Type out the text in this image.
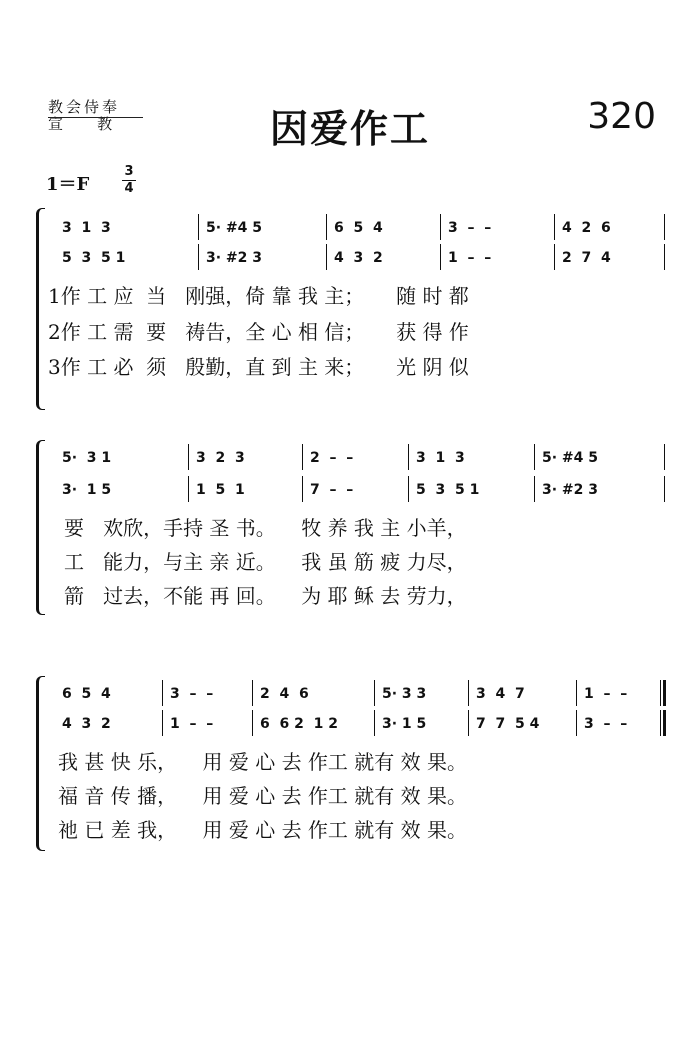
教会侍奉
宣    教	因爱作工	320
1＝F
3
4
3  1  3	5· #4 5	6  5  4	3  –  –	4  2  6
5  3  5 1	3· #2 3	4  3  2	1  –  –	2  7  4
1作 工 应  当   刚强，倚 靠 我 主；     随 时 都
2作 工 需  要   祷告，全 心 相 信；     获 得 作
3作 工 必  须   殷勤，直 到 主 来；     光 阴 似
5·  3 1	3  2  3	2  –  –	3  1  3	5· #4 5
3·  1 5	1  5  1	7  –  –	5  3  5 1	3· #2 3
要   欢欣，手持 圣 书。    牧 养 我 主 小羊，
工   能力，与主 亲 近。    我 虽 筋 疲 力尽，
箭   过去，不能 再 回。    为 耶 稣 去 劳力，
6  5  4	3  –  –	2  4  6	5· 3 3	3  4  7	1  –  –
4  3  2	1  –  –	6  6 2  1 2	3· 1 5	7  7  5 4	3  –  –
我 甚 快 乐，    用 爱 心 去 作工 就有 效 果。
福 音 传 播，    用 爱 心 去 作工 就有 效 果。
祂 已 差 我，    用 爱 心 去 作工 就有 效 果。
